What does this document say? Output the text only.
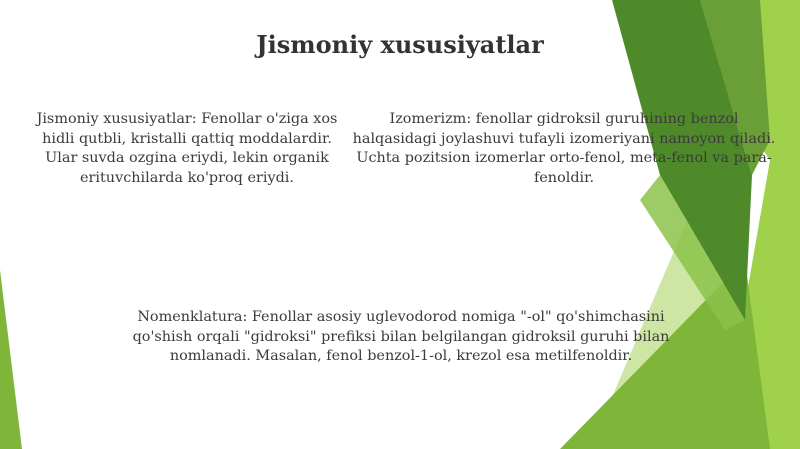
Jismoniy xususiyatlar
Jismoniy xususiyatlar: Fenollar o'ziga xos hidli qutbli, kristalli qattiq moddalardir. Ular suvda ozgina eriydi, lekin organik erituvchilarda ko'proq eriydi.
Izomerizm: fenollar gidroksil guruhining benzol halqasidagi joylashuvi tufayli izomeriyani namoyon qiladi. Uchta pozitsion izomerlar orto-fenol, meta-fenol va para-fenoldir.
Nomenklatura: Fenollar asosiy uglevodorod nomiga "-ol" qo'shimchasini qo'shish orqali "gidroksi" prefiksi bilan belgilangan gidroksil guruhi bilan nomlanadi. Masalan, fenol benzol-1-ol, krezol esa metilfenoldir.
